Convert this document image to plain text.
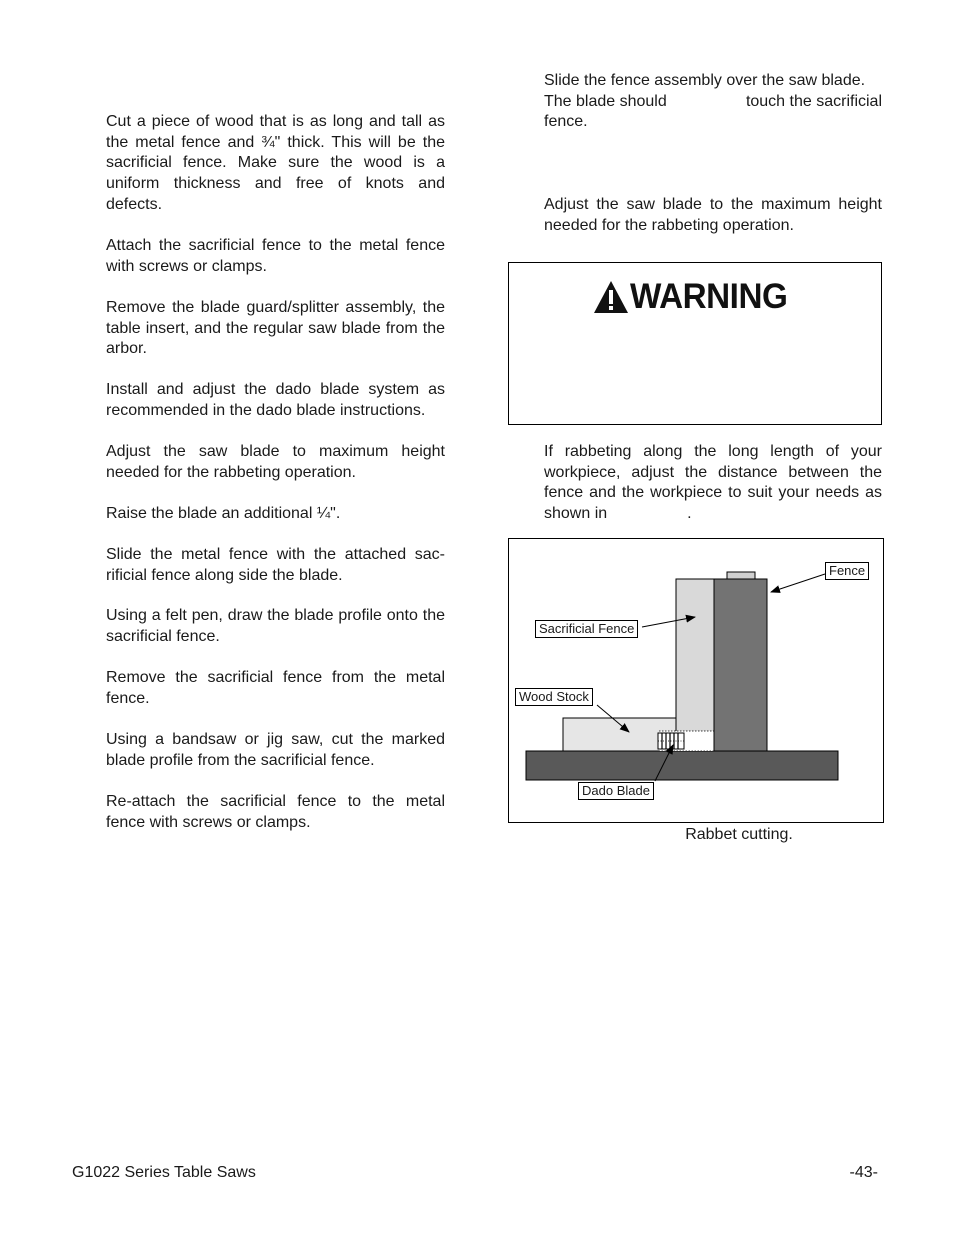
Cut a piece of wood that is as long and tall as the metal fence and ¾" thick. This will be the sacrificial fence. Make sure the wood is a uniform thickness and free of knots and defects.

Attach the sacrificial fence to the metal fence with screws or clamps.

Remove the blade guard/splitter assembly, the table insert, and the regular saw blade from the arbor.

Install and adjust the dado blade system as recommended in the dado blade instructions.

Adjust the saw blade to maximum height needed for the rabbeting operation.

Raise the blade an additional ¼".

Slide the metal fence with the attached sac-rificial fence along side the blade.

Using a felt pen, draw the blade profile onto the sacrificial fence.

Remove the sacrificial fence from the metal fence.

Using a bandsaw or jig saw, cut the marked blade profile from the sacrificial fence.

Re-attach the sacrificial fence to the metal fence with screws or clamps.

Slide the fence assembly over the saw blade.
The blade should	touch the sacrificial
fence.

Adjust the saw blade to the maximum height needed for the rabbeting operation.

WARNING

If rabbeting along the long length of your workpiece, adjust the distance between the fence and the workpiece to suit your needs as shown in	.

Fence
Sacrificial Fence
Wood Stock
Dado Blade
Rabbet cutting.
G1022 Series Table Saws	-43-
